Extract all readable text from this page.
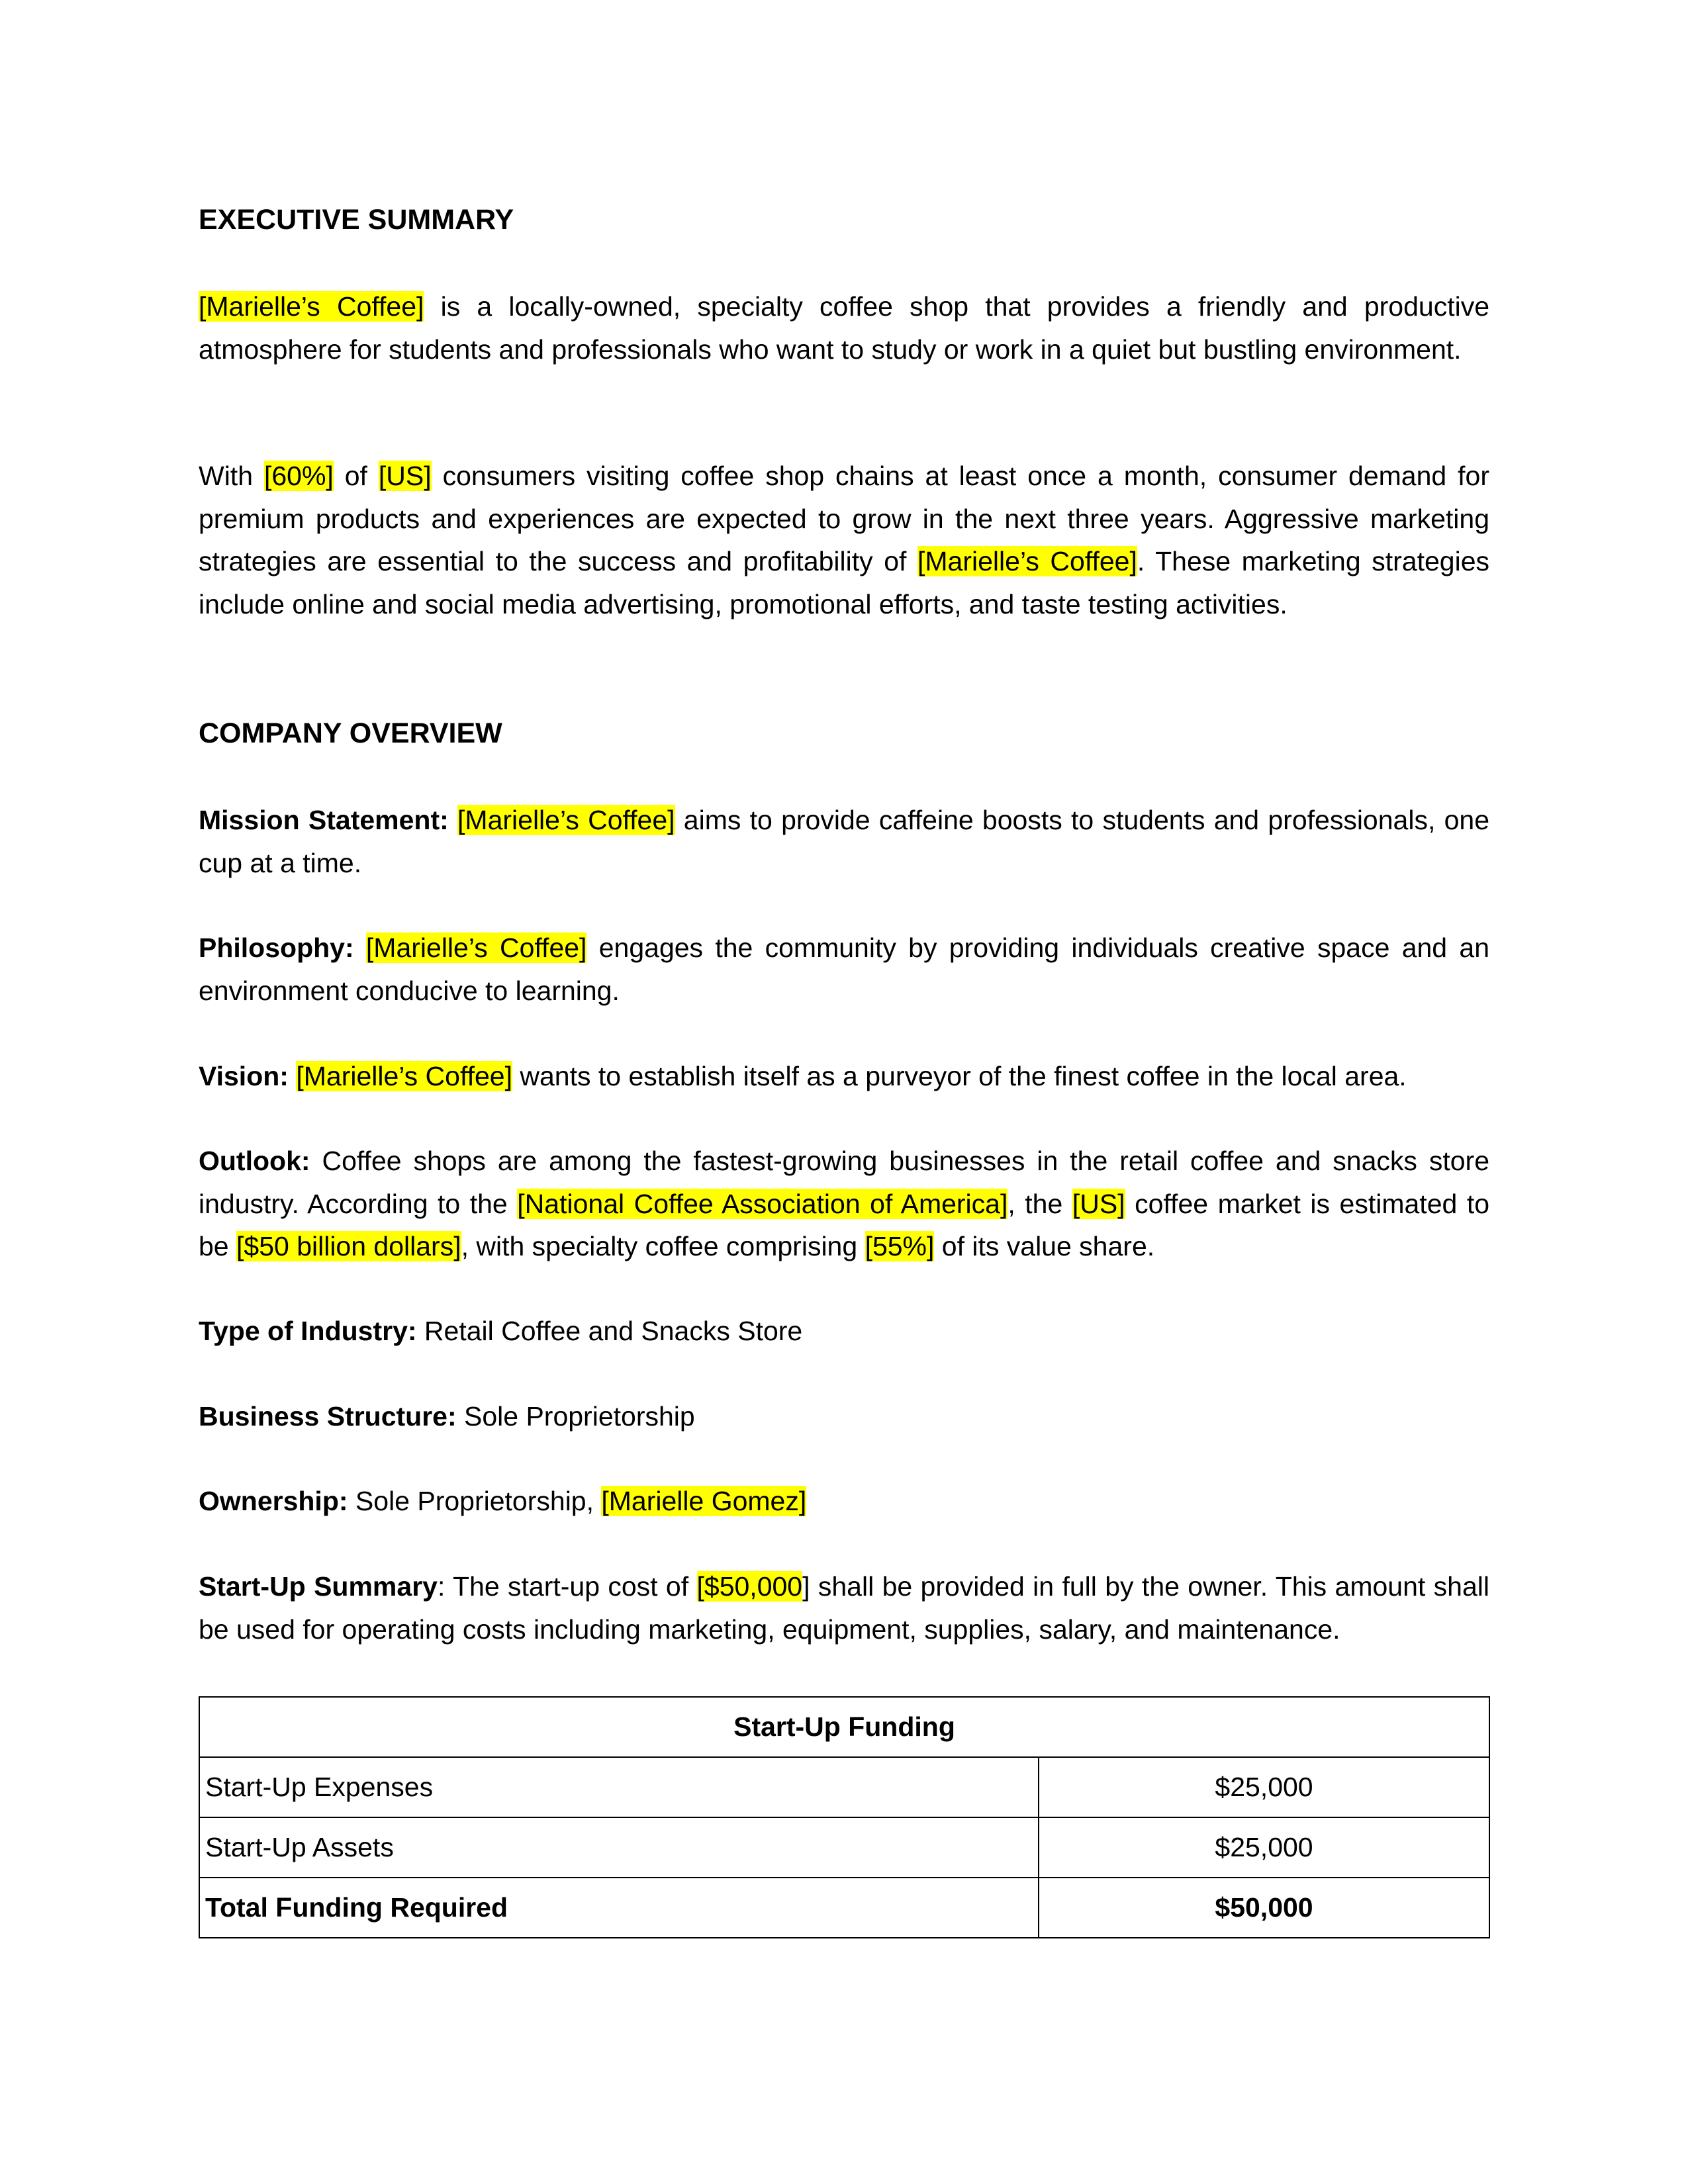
EXECUTIVE SUMMARY

[Marielle’s Coffee] is a locally-owned, specialty coffee shop that provides a friendly and productive atmosphere for students and professionals who want to study or work in a quiet but bustling environment.

With [60%] of [US] consumers visiting coffee shop chains at least once a month, consumer demand for premium products and experiences are expected to grow in the next three years. Aggressive marketing strategies are essential to the success and profitability of [Marielle’s Coffee]. These marketing strategies include online and social media advertising, promotional efforts, and taste testing activities.

COMPANY OVERVIEW

Mission Statement: [Marielle’s Coffee] aims to provide caffeine boosts to students and professionals, one cup at a time.

Philosophy: [Marielle’s Coffee] engages the community by providing individuals creative space and an environment conducive to learning.

Vision: [Marielle’s Coffee] wants to establish itself as a purveyor of the finest coffee in the local area.

Outlook: Coffee shops are among the fastest-growing businesses in the retail coffee and snacks store industry. According to the [National Coffee Association of America], the [US] coffee market is estimated to be [$50 billion dollars], with specialty coffee comprising [55%] of its value share.

Type of Industry: Retail Coffee and Snacks Store

Business Structure: Sole Proprietorship

Ownership: Sole Proprietorship, [Marielle Gomez]

Start-Up Summary: The start-up cost of [$50,000] shall be provided in full by the owner. This amount shall be used for operating costs including marketing, equipment, supplies, salary, and maintenance.

Start-Up Funding	
Start-Up Expenses	$25,000
Start-Up Assets	$25,000
Total Funding Required	$50,000
